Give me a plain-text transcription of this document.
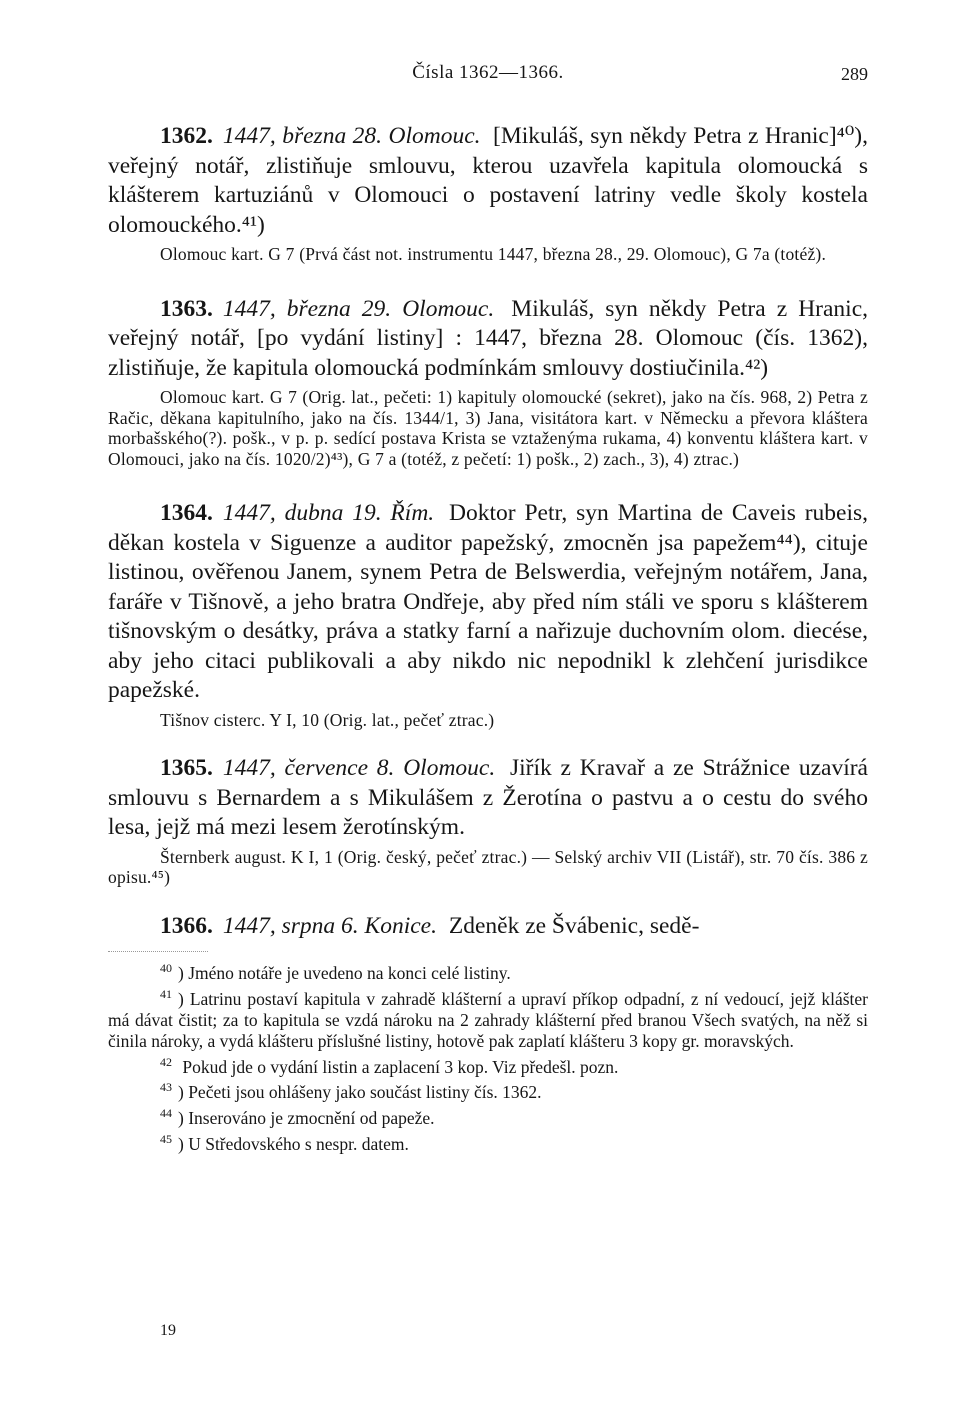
Čísla 1362—1366.	289

1362. 1447, března 28. Olomouc. [Mikuláš, syn někdy Petra z Hranic]⁴⁰), veřejný notář, zlistiňuje smlouvu, kterou uzavřela kapitula olomoucká s klášterem kartuziánů v Olomouci o postavení latriny vedle školy kostela olomouckého.⁴¹)

Olomouc kart. G 7 (Prvá část not. instrumentu 1447, března 28., 29. Olomouc), G 7a (totéž).

1363. 1447, března 29. Olomouc. Mikuláš, syn někdy Petra z Hranic, veřejný notář, [po vydání listiny] : 1447, března 28. Olomouc (čís. 1362), zlistiňuje, že kapitula olomoucká podmínkám smlouvy dostiučinila.⁴²)

Olomouc kart. G 7 (Orig. lat., pečeti: 1) kapituly olomoucké (sekret), jako na čís. 968, 2) Petra z Račic, děkana kapitulního, jako na čís. 1344/1, 3) Jana, visitátora kart. v Německu a převora kláštera morbašského(?). pošk., v p. p. sedící postava Krista se vztaženýma rukama, 4) konventu kláštera kart. v Olomouci, jako na čís. 1020/2)⁴³), G 7 a (totéž, z pečetí: 1) pošk., 2) zach., 3), 4) ztrac.)

1364. 1447, dubna 19. Řím. Doktor Petr, syn Martina de Caveis rubeis, děkan kostela v Siguenze a auditor papežský, zmocněn jsa papežem⁴⁴), cituje listinou, ověřenou Janem, synem Petra de Belswerdia, veřejným notářem, Jana, faráře v Tišnově, a jeho bratra Ondřeje, aby před ním stáli ve sporu s klášterem tišnovským o desátky, práva a statky farní a nařizuje duchovním olom. diecése, aby jeho citaci publikovali a aby nikdo nic nepodnikl k zlehčení jurisdikce papežské.

Tišnov cisterc. Y I, 10 (Orig. lat., pečeť ztrac.)

1365. 1447, července 8. Olomouc. Jiřík z Kravař a ze Strážnice uzavírá smlouvu s Bernardem a s Mikulášem z Žerotína o pastvu a o cestu do svého lesa, jejž má mezi lesem žerotínským.

Šternberk august. K I, 1 (Orig. český, pečeť ztrac.) — Selský archiv VII (Listář), str. 70 čís. 386 z opisu.⁴⁵)

1366. 1447, srpna 6. Konice. Zdeněk ze Švábenic, sedě-

$^{40}$ ) Jméno notáře je uvedeno na konci celé listiny.

$^{41}$ ) Latrinu postaví kapitula v zahradě klášterní a upraví příkop odpadní, z ní vedoucí, jejž klášter má dávat čistit; za to kapitula se vzdá nároku na 2 zahrady klášterní před branou Všech svatých, na něž si činila nároky, a vydá klášteru příslušné listiny, hotově pak zaplatí klášteru 3 kopy gr. moravských.

$^{42}$ Pokud jde o vydání listin a zaplacení 3 kop. Viz předešl. pozn.

$^{43}$ ) Pečeti jsou ohlášeny jako součást listiny čís. 1362.

$^{44}$ ) Inserováno je zmocnění od papeže.

$^{45}$ ) U Středovského s nespr. datem.

19
